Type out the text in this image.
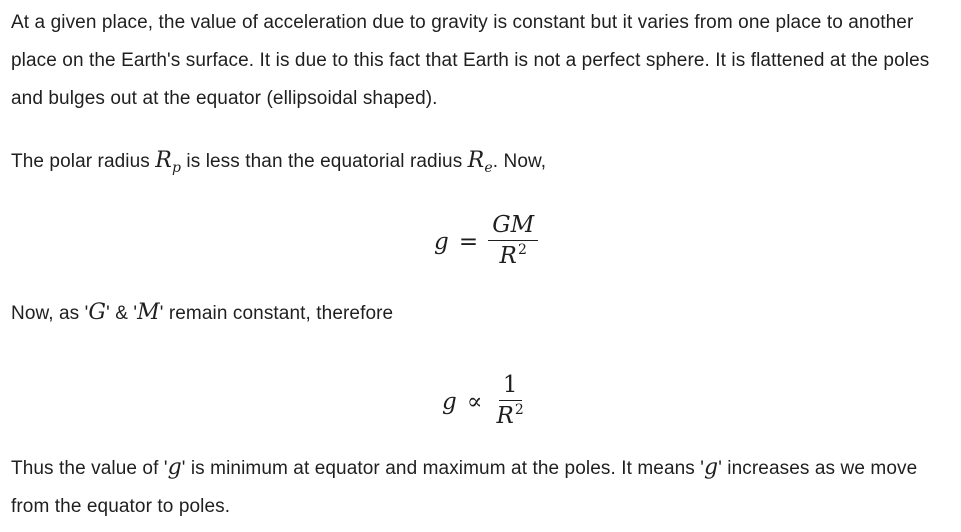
At a given place, the value of acceleration due to gravity is constant but it varies from one place to another place on the Earth's surface. It is due to this fact that Earth is not a perfect sphere. It is flattened at the poles and bulges out at the equator (ellipsoidal shaped).

The polar radius $R_p$ is less than the equatorial radius $R_e$. Now,

$g = \frac{GM}{R^2}$

Now, as 'G' & 'M' remain constant, therefore

$g \propto \frac{1}{R^2}$

Thus the value of 'g' is minimum at equator and maximum at the poles. It means 'g' increases as we move from the equator to poles.
